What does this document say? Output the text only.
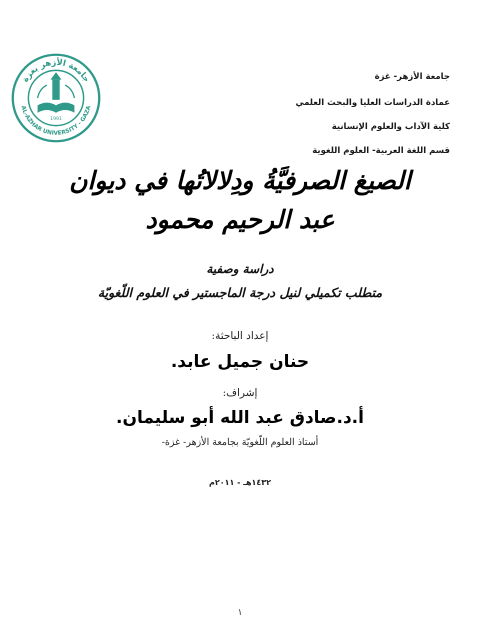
جامعة الأزهر بغزة
AL-AZHAR UNIVERSITY - GAZA
1991
جامعة الأزهر- غزة
عمادة الدراسات العليا والبحث العلمي
كلية الآداب والعلوم الإنسانية
قسم اللغة العربية- العلوم اللغوية
الصيغ الصرفيَّةُ ودِلالاتُها في ديوان
عبد الرحيم محمود
دراسة وصفية
متطلب تكميلي لنيل درجة الماجستير في العلوم اللّغويّة
إعداد الباحثة:
حنان جميل عابد.
إشراف:
أ.د.صادق عبد الله أبو سليمان.
أستاذ العلوم اللّغويّة بجامعة الأزهر- غزة-
١٤٣٢هـ - ٢٠١١م
١
